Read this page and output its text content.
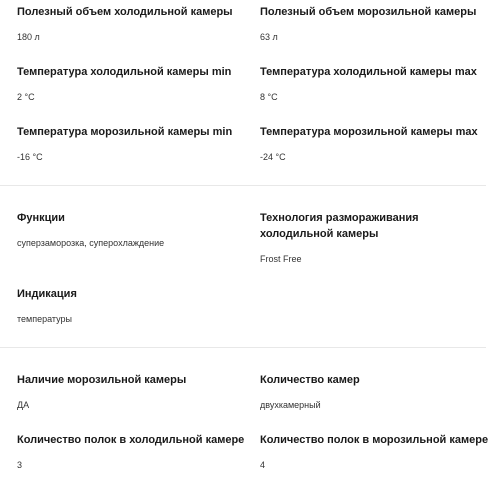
Полезный объем холодильной камеры
180 л
Полезный объем морозильной камеры
63 л
Температура холодильной камеры min
2 °C
Температура холодильной камеры max
8 °C
Температура морозильной камеры min
-16 °C
Температура морозильной камеры max
-24 °C
Функции
суперзаморозка, суперохлаждение
Технология размораживания холодильной камеры
Frost Free
Индикация
температуры
Наличие морозильной камеры
ДА
Количество камер
двухкамерный
Количество полок в холодильной камере
3
Количество полок в морозильной камере
4
